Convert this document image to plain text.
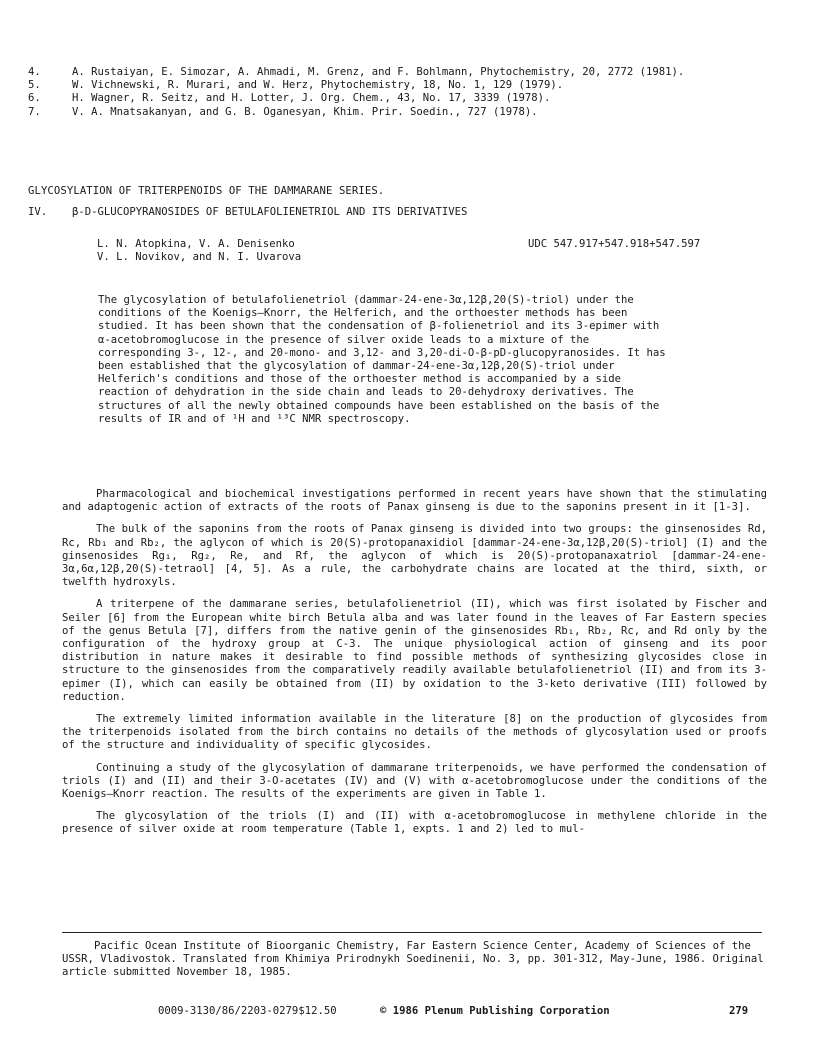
4.	A. Rustaiyan, E. Simozar, A. Ahmadi, M. Grenz, and F. Bohlmann, Phytochemistry, 20, 2772 (1981).
5.	W. Vichnewski, R. Murari, and W. Herz, Phytochemistry, 18, No. 1, 129 (1979).
6.	H. Wagner, R. Seitz, and H. Lotter, J. Org. Chem., 43, No. 17, 3339 (1978).
7.	V. A. Mnatsakanyan, and G. B. Oganesyan, Khim. Prir. Soedin., 727 (1978).
GLYCOSYLATION OF TRITERPENOIDS OF THE DAMMARANE SERIES.
IV. β-D-GLUCOPYRANOSIDES OF BETULAFOLIENETRIOL AND ITS DERIVATIVES
L. N. Atopkina, V. A. Denisenko
V. L. Novikov, and N. I. Uvarova
UDC 547.917+547.918+547.597

The glycosylation of betulafolienetriol (dammar-24-ene-3α,12β,20(S)-triol) under the conditions of the Koenigs–Knorr, the Helferich, and the orthoester methods has been studied. It has been shown that the condensation of β-folienetriol and its 3-epimer with α-acetobromoglucose in the presence of silver oxide leads to a mixture of the corresponding 3-, 12-, and 20-mono- and 3,12- and 3,20-di-O-β-pD-glucopyranosides. It has been established that the glycosylation of dammar-24-ene-3α,12β,20(S)-triol under Helferich's conditions and those of the orthoester method is accompanied by a side reaction of dehydration in the side chain and leads to 20-dehydroxy derivatives. The structures of all the newly obtained compounds have been established on the basis of the results of IR and of ¹H and ¹³C NMR spectroscopy.

Pharmacological and biochemical investigations performed in recent years have shown that the stimulating and adaptogenic action of extracts of the roots of Panax ginseng is due to the saponins present in it [1-3].

The bulk of the saponins from the roots of Panax ginseng is divided into two groups: the ginsenosides Rd, Rc, Rb₁ and Rb₂, the aglycon of which is 20(S)-protopanaxidiol [dammar-24-ene-3α,12β,20(S)-triol] (I) and the ginsenosides Rg₁, Rg₂, Re, and Rf, the aglycon of which is 20(S)-protopanaxatriol [dammar-24-ene-3α,6α,12β,20(S)-tetraol] [4, 5]. As a rule, the carbohydrate chains are located at the third, sixth, or twelfth hydroxyls.

A triterpene of the dammarane series, betulafolienetriol (II), which was first isolated by Fischer and Seiler [6] from the European white birch Betula alba and was later found in the leaves of Far Eastern species of the genus Betula [7], differs from the native genin of the ginsenosides Rb₁, Rb₂, Rc, and Rd only by the configuration of the hydroxy group at C-3. The unique physiological action of ginseng and its poor distribution in nature makes it desirable to find possible methods of synthesizing glycosides close in structure to the ginsenosides from the comparatively readily available betulafolienetriol (II) and from its 3-epimer (I), which can easily be obtained from (II) by oxidation to the 3-keto derivative (III) followed by reduction.

The extremely limited information available in the literature [8] on the production of glycosides from the triterpenoids isolated from the birch contains no details of the methods of glycosylation used or proofs of the structure and individuality of specific glycosides.

Continuing a study of the glycosylation of dammarane triterpenoids, we have performed the condensation of triols (I) and (II) and their 3-O-acetates (IV) and (V) with α-acetobromoglucose under the conditions of the Koenigs–Knorr reaction. The results of the experiments are given in Table 1.

The glycosylation of the triols (I) and (II) with α-acetobromoglucose in methylene chloride in the presence of silver oxide at room temperature (Table 1, expts. 1 and 2) led to mul-

Pacific Ocean Institute of Bioorganic Chemistry, Far Eastern Science Center, Academy of Sciences of the USSR, Vladivostok. Translated from Khimiya Prirodnykh Soedinenii, No. 3, pp. 301-312, May-June, 1986. Original article submitted November 18, 1985.

0009-3130/86/2203-0279$12.50	© 1986 Plenum Publishing Corporation	279
